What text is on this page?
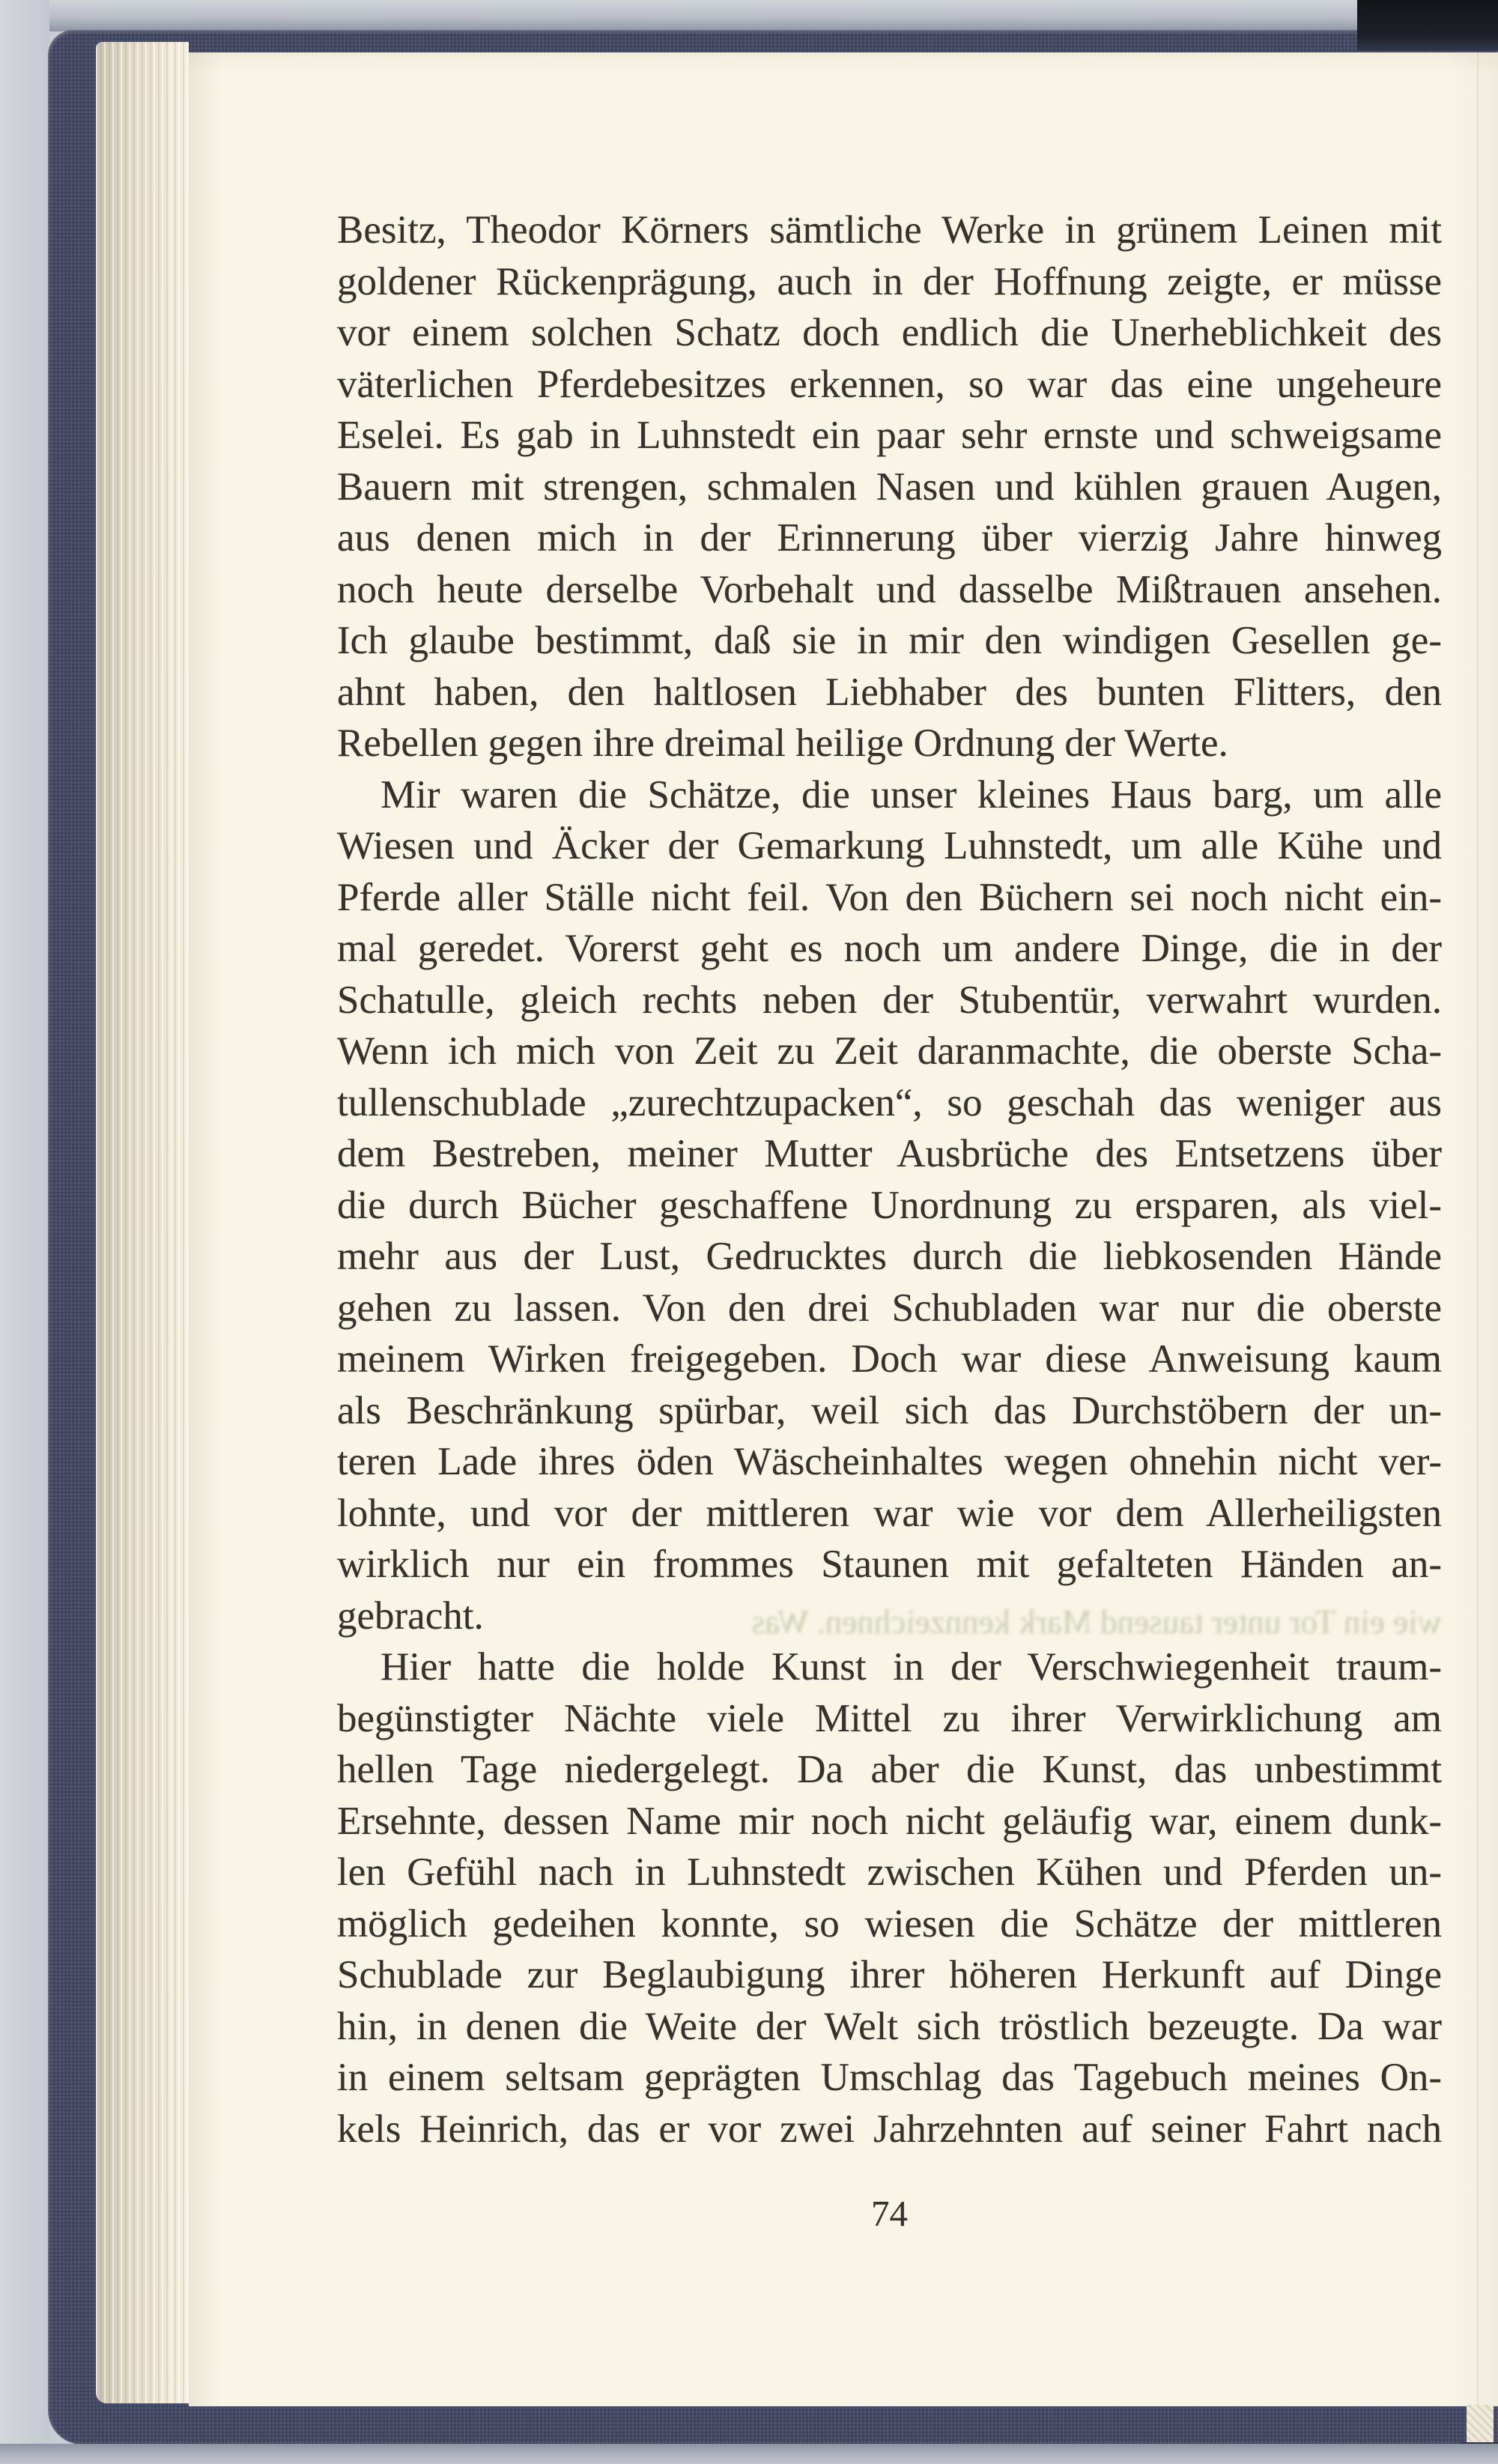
wie ein Tor unter tausend Mark kennzeichnen. Was
Besitz, Theodor Körners sämtliche Werke in grünem Leinen mit
goldener Rückenprägung, auch in der Hoffnung zeigte, er müsse
vor einem solchen Schatz doch endlich die Unerheblichkeit des
väterlichen Pferdebesitzes erkennen, so war das eine ungeheure
Eselei. Es gab in Luhnstedt ein paar sehr ernste und schweigsame
Bauern mit strengen, schmalen Nasen und kühlen grauen Augen,
aus denen mich in der Erinnerung über vierzig Jahre hinweg
noch heute derselbe Vorbehalt und dasselbe Mißtrauen ansehen.
Ich glaube bestimmt, daß sie in mir den windigen Gesellen ge-
ahnt haben, den haltlosen Liebhaber des bunten Flitters, den
Rebellen gegen ihre dreimal heilige Ordnung der Werte.
Mir waren die Schätze, die unser kleines Haus barg, um alle
Wiesen und Äcker der Gemarkung Luhnstedt, um alle Kühe und
Pferde aller Ställe nicht feil. Von den Büchern sei noch nicht ein-
mal geredet. Vorerst geht es noch um andere Dinge, die in der
Schatulle, gleich rechts neben der Stubentür, verwahrt wurden.
Wenn ich mich von Zeit zu Zeit daranmachte, die oberste Scha-
tullenschublade „zurechtzupacken“, so geschah das weniger aus
dem Bestreben, meiner Mutter Ausbrüche des Entsetzens über
die durch Bücher geschaffene Unordnung zu ersparen, als viel-
mehr aus der Lust, Gedrucktes durch die liebkosenden Hände
gehen zu lassen. Von den drei Schubladen war nur die oberste
meinem Wirken freigegeben. Doch war diese Anweisung kaum
als Beschränkung spürbar, weil sich das Durchstöbern der un-
teren Lade ihres öden Wäscheinhaltes wegen ohnehin nicht ver-
lohnte, und vor der mittleren war wie vor dem Allerheiligsten
wirklich nur ein frommes Staunen mit gefalteten Händen an-
gebracht.
Hier hatte die holde Kunst in der Verschwiegenheit traum-
begünstigter Nächte viele Mittel zu ihrer Verwirklichung am
hellen Tage niedergelegt. Da aber die Kunst, das unbestimmt
Ersehnte, dessen Name mir noch nicht geläufig war, einem dunk-
len Gefühl nach in Luhnstedt zwischen Kühen und Pferden un-
möglich gedeihen konnte, so wiesen die Schätze der mittleren
Schublade zur Beglaubigung ihrer höheren Herkunft auf Dinge
hin, in denen die Weite der Welt sich tröstlich bezeugte. Da war
in einem seltsam geprägten Umschlag das Tagebuch meines On-
kels Heinrich, das er vor zwei Jahrzehnten auf seiner Fahrt nach
74
